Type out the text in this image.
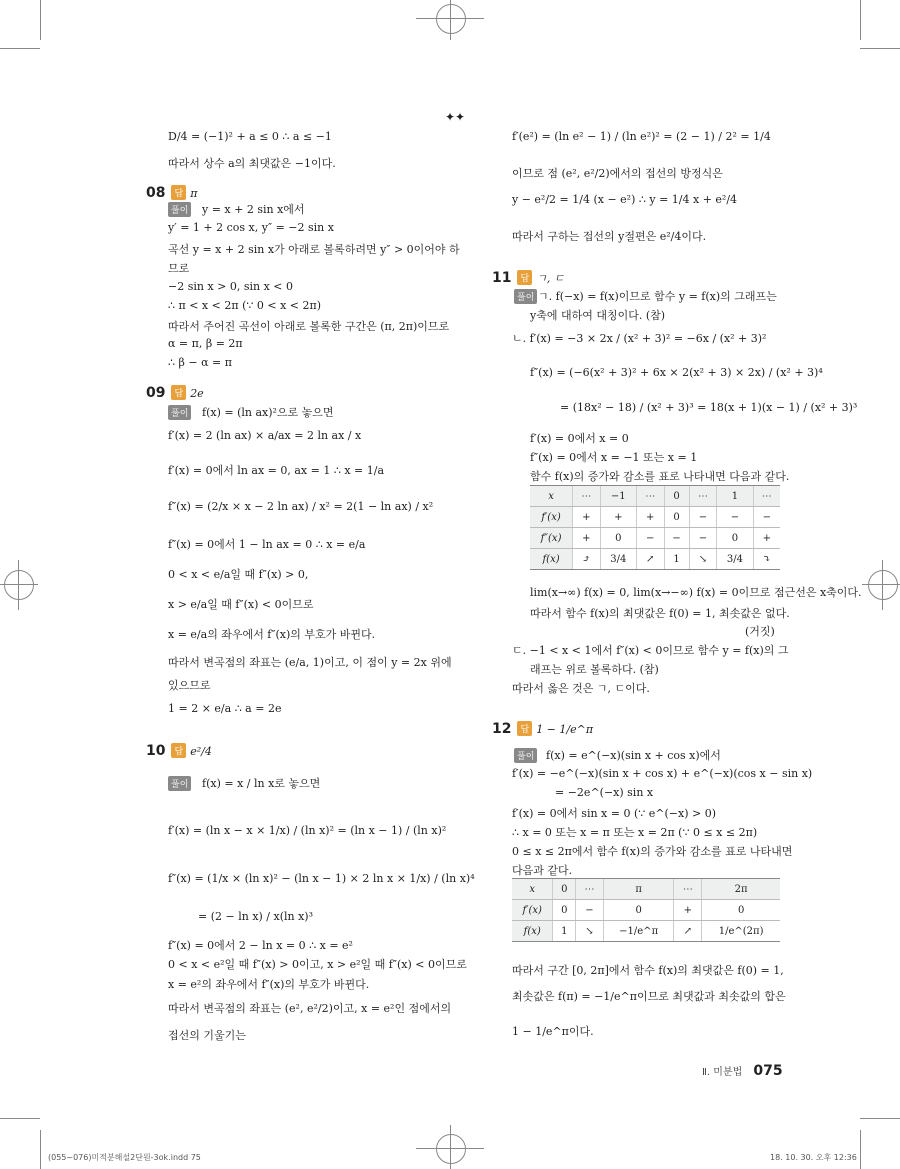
✦✦
D/4 = (−1)² + a ≤ 0 ∴ a ≤ −1
따라서 상수 a의 최댓값은 −1이다.
y = x + 2 sin x에서
y′ = 1 + 2 cos x, y″ = −2 sin x
곡선 y = x + 2 sin x가 아래로 볼록하려면 y″ > 0이어야 하
므로
−2 sin x > 0, sin x < 0
∴ π < x < 2π (∵ 0 < x < 2π)
따라서 주어진 곡선이 아래로 볼록한 구간은 (π, 2π)이므로
α = π, β = 2π
∴ β − α = π
f(x) = (ln ax)²으로 놓으면
f′(x) = 2 (ln ax) × a/ax = 2 ln ax / x
f′(x) = 0에서 ln ax = 0, ax = 1 ∴ x = 1/a
f″(x) = (2/x × x − 2 ln ax) / x² = 2(1 − ln ax) / x²
f″(x) = 0에서 1 − ln ax = 0 ∴ x = e/a
0 < x < e/a일 때 f″(x) > 0,
x > e/a일 때 f″(x) < 0이므로
x = e/a의 좌우에서 f″(x)의 부호가 바뀐다.
따라서 변곡점의 좌표는 (e/a, 1)이고, 이 점이 y = 2x 위에
있으므로
1 = 2 × e/a ∴ a = 2e
f(x) = x / ln x로 놓으면
f′(x) = (ln x − x × 1/x) / (ln x)² = (ln x − 1) / (ln x)²
f″(x) = (1/x × (ln x)² − (ln x − 1) × 2 ln x × 1/x) / (ln x)⁴
= (2 − ln x) / x(ln x)³
f″(x) = 0에서 2 − ln x = 0 ∴ x = e²
0 < x < e²일 때 f″(x) > 0이고, x > e²일 때 f″(x) < 0이므로
x = e²의 좌우에서 f″(x)의 부호가 바뀐다.
따라서 변곡점의 좌표는 (e², e²/2)이고, x = e²인 점에서의
접선의 기울기는
f′(e²) = (ln e² − 1) / (ln e²)² = (2 − 1) / 2² = 1/4
이므로 점 (e², e²/2)에서의 접선의 방정식은
y − e²/2 = 1/4 (x − e²) ∴ y = 1/4 x + e²/4
따라서 구하는 접선의 y절편은 e²/4이다.
ㄱ. f(−x) = f(x)이므로 함수 y = f(x)의 그래프는
y축에 대하여 대칭이다. (참)
ㄴ. f′(x) = −3 × 2x / (x² + 3)² = −6x / (x² + 3)²
f″(x) = (−6(x² + 3)² + 6x × 2(x² + 3) × 2x) / (x² + 3)⁴
= (18x² − 18) / (x² + 3)³ = 18(x + 1)(x − 1) / (x² + 3)³
f′(x) = 0에서 x = 0
f″(x) = 0에서 x = −1 또는 x = 1
함수 f(x)의 증가와 감소를 표로 나타내면 다음과 같다.
lim(x→∞) f(x) = 0, lim(x→−∞) f(x) = 0이므로 점근선은 x축이다.
따라서 함수 f(x)의 최댓값은 f(0) = 1, 최솟값은 없다.
(거짓)
ㄷ. −1 < x < 1에서 f″(x) < 0이므로 함수 y = f(x)의 그
래프는 위로 볼록하다. (참)
따라서 옳은 것은 ㄱ, ㄷ이다.
f(x) = e^(−x)(sin x + cos x)에서
f′(x) = −e^(−x)(sin x + cos x) + e^(−x)(cos x − sin x)
= −2e^(−x) sin x
f′(x) = 0에서 sin x = 0 (∵ e^(−x) > 0)
∴ x = 0 또는 x = π 또는 x = 2π (∵ 0 ≤ x ≤ 2π)
0 ≤ x ≤ 2π에서 함수 f(x)의 증가와 감소를 표로 나타내면
다음과 같다.
따라서 구간 [0, 2π]에서 함수 f(x)의 최댓값은 f(0) = 1,
최솟값은 f(π) = −1/e^π이므로 최댓값과 최솟값의 합은
1 − 1/e^π이다.
08 답 π
풀이
09 답 2e
풀이
10 답 e²/4
풀이
11 답 ㄱ, ㄷ
풀이
12 답 1 − 1/e^π
풀이
x	⋯	−1	⋯	0	⋯	1	⋯
f′(x)	+	+	+	0	−	−	−
f″(x)	+	0	−	−	−	0	+
f(x)	⤴	3/4	↗	1	↘	3/4	⤵
x	0	⋯	π	⋯	2π
f′(x)	0	−	0	+	0
f(x)	1	↘	−1/e^π	↗	1/e^(2π)
Ⅱ. 미분법 075
(055~076)미적분해설2단원-3ok.indd 75	18. 10. 30. 오후 12:36
